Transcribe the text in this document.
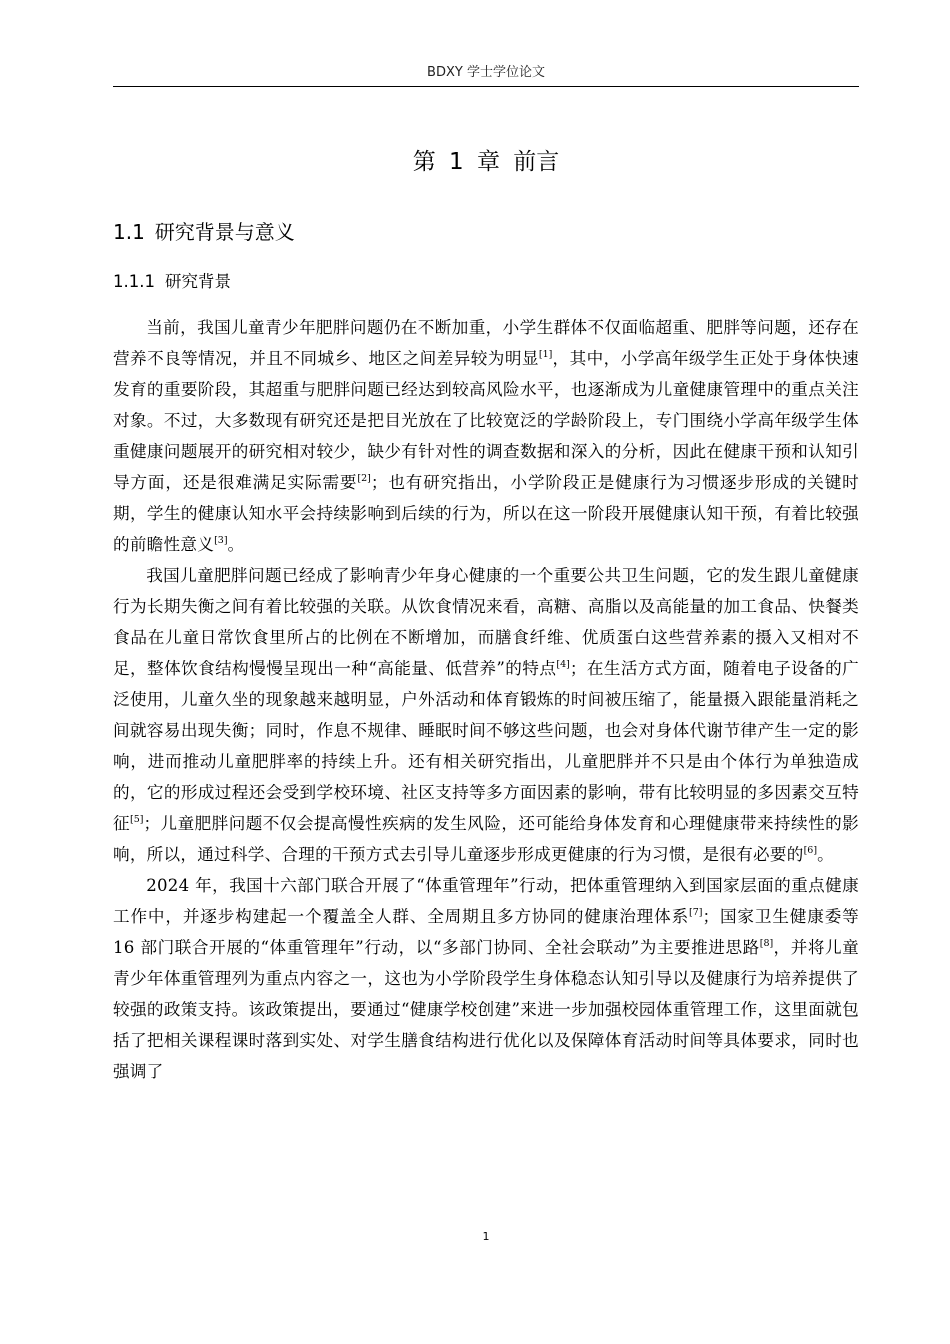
BDXY 学士学位论文
第 1 章 前言
1.1 研究背景与意义
1.1.1 研究背景

当前，我国儿童青少年肥胖问题仍在不断加重，小学生群体不仅面临超重、肥胖等问题，还存在营养不良等情况，并且不同城乡、地区之间差异较为明显[1]，其中，小学高年级学生正处于身体快速发育的重要阶段，其超重与肥胖问题已经达到较高风险水平，也逐渐成为儿童健康管理中的重点关注对象。不过，大多数现有研究还是把目光放在了比较宽泛的学龄阶段上，专门围绕小学高年级学生体重健康问题展开的研究相对较少，缺少有针对性的调查数据和深入的分析，因此在健康干预和认知引导方面，还是很难满足实际需要[2]；也有研究指出，小学阶段正是健康行为习惯逐步形成的关键时期，学生的健康认知水平会持续影响到后续的行为，所以在这一阶段开展健康认知干预，有着比较强的前瞻性意义[3]。

我国儿童肥胖问题已经成了影响青少年身心健康的一个重要公共卫生问题，它的发生跟儿童健康行为长期失衡之间有着比较强的关联。从饮食情况来看，高糖、高脂以及高能量的加工食品、快餐类食品在儿童日常饮食里所占的比例在不断增加，而膳食纤维、优质蛋白这些营养素的摄入又相对不足，整体饮食结构慢慢呈现出一种“高能量、低营养”的特点[4]；在生活方式方面，随着电子设备的广泛使用，儿童久坐的现象越来越明显，户外活动和体育锻炼的时间被压缩了，能量摄入跟能量消耗之间就容易出现失衡；同时，作息不规律、睡眠时间不够这些问题，也会对身体代谢节律产生一定的影响，进而推动儿童肥胖率的持续上升。还有相关研究指出，儿童肥胖并不只是由个体行为单独造成的，它的形成过程还会受到学校环境、社区支持等多方面因素的影响，带有比较明显的多因素交互特征[5]；儿童肥胖问题不仅会提高慢性疾病的发生风险，还可能给身体发育和心理健康带来持续性的影响，所以，通过科学、合理的干预方式去引导儿童逐步形成更健康的行为习惯，是很有必要的[6]。

2024 年，我国十六部门联合开展了“体重管理年”行动，把体重管理纳入到国家层面的重点健康工作中，并逐步构建起一个覆盖全人群、全周期且多方协同的健康治理体系[7]；国家卫生健康委等 16 部门联合开展的“体重管理年”行动，以“多部门协同、全社会联动”为主要推进思路[8]，并将儿童青少年体重管理列为重点内容之一，这也为小学阶段学生身体稳态认知引导以及健康行为培养提供了较强的政策支持。该政策提出，要通过“健康学校创建”来进一步加强校园体重管理工作，这里面就包括了把相关课程课时落到实处、对学生膳食结构进行优化以及保障体育活动时间等具体要求，同时也强调了

1
